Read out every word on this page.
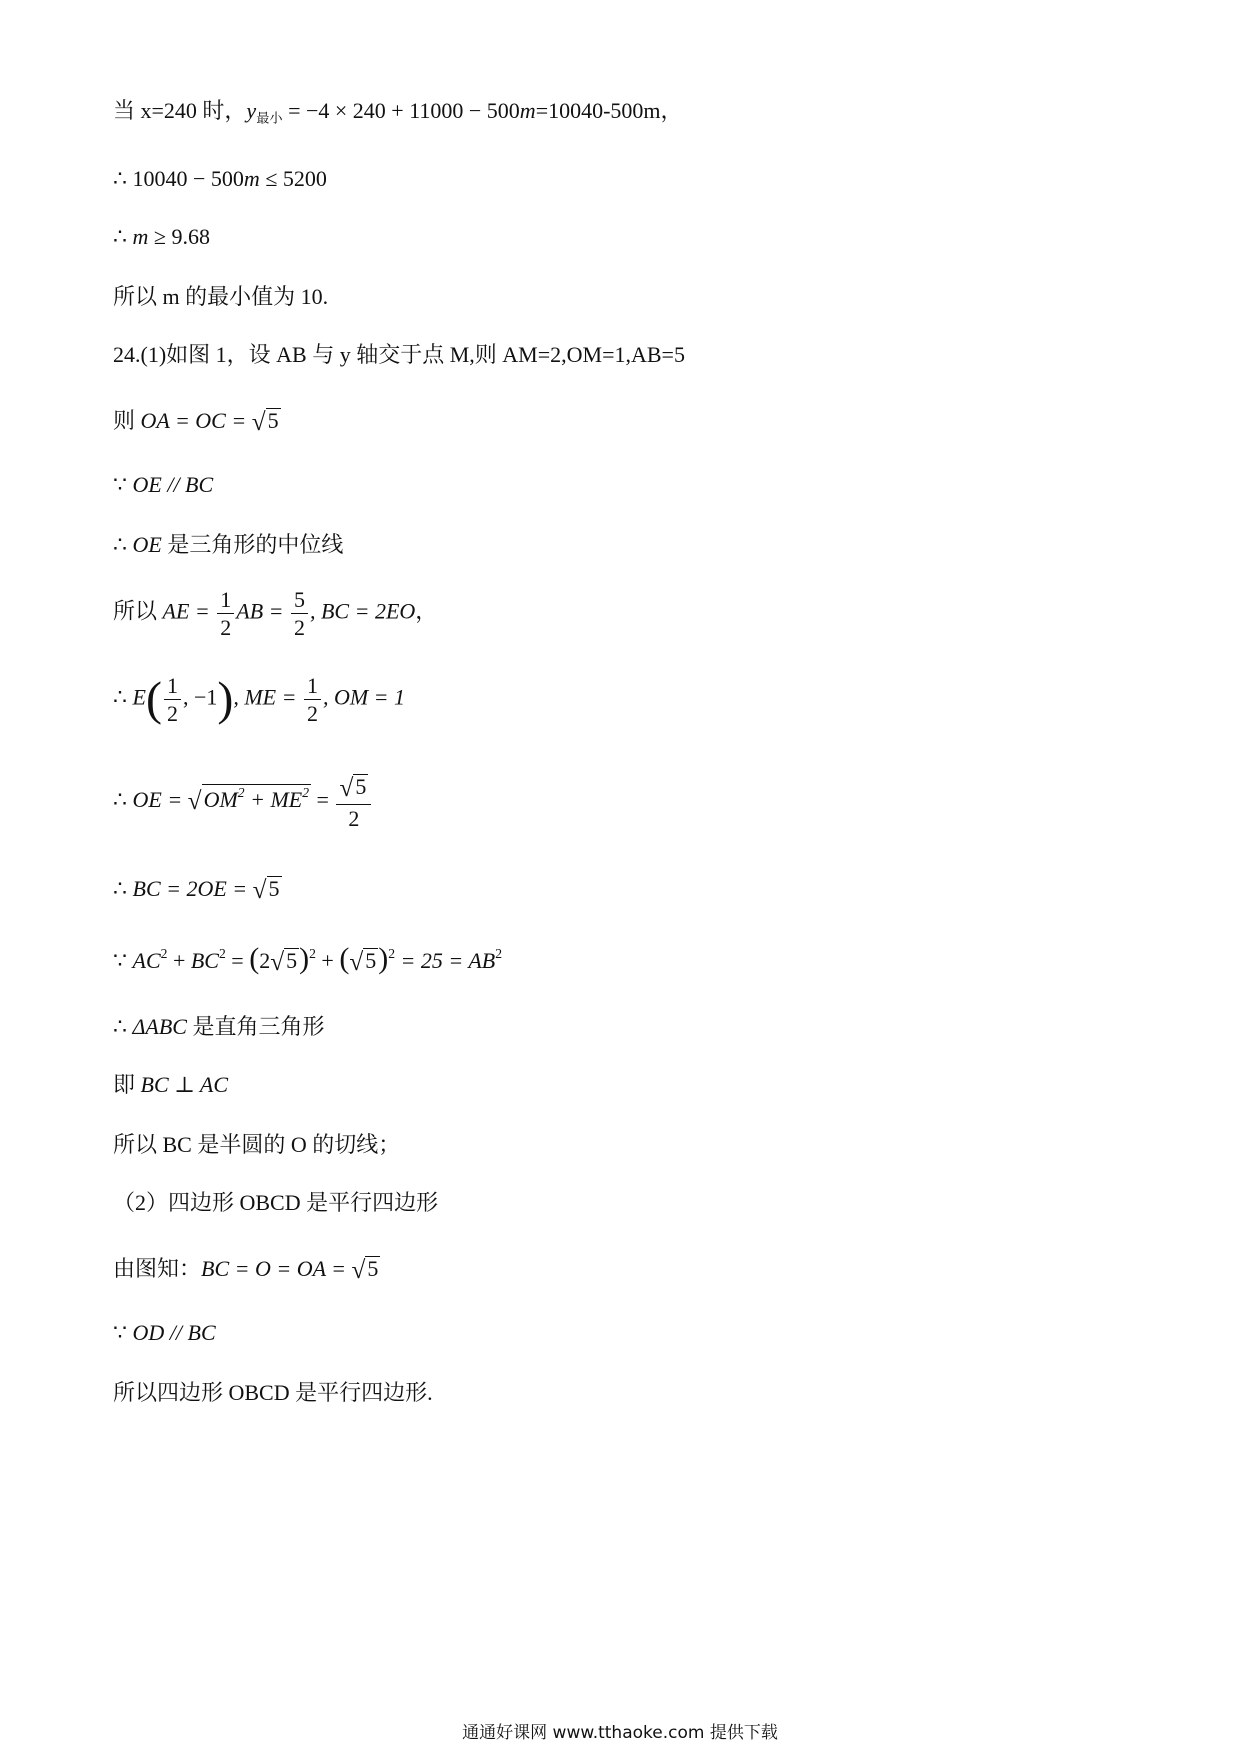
当 x=240 时，$y_{最小} = -4 \times 240 + 11000 - 500m=10040-500m$，
∴ 10040 − 500m ≤ 5200
∴ m ≥ 9.68
所以 m 的最小值为 10.
24.(1)如图 1，设 AB 与 y 轴交于点 M,则 AM=2,OM=1,AB=5
则 OA = OC = √5
∵ OE // BC
∴ OE 是三角形的中位线
所以 AE = $\frac{1}{2}$ AB = $\frac{5}{2}$ , BC = 2EO，
∴ $E( \frac{1}{2}$ , −1), ME = $\frac{1}{2}$ , OM = 1
∴ OE = $√OM^2 + ME^2 = \frac{√5}{2}$
∴ BC = 2OE = √5
∵ $AC^2 + BC^2 = (2√5)^2 + (√5)^2 = 25 = AB^2$
∴ ΔABC 是直角三角形
即 BC ⊥ AC
所以 BC 是半圆的 O 的切线；
（2）四边形 OBCD 是平行四边形
由图知：BC = O = OA = √5
∵ OD // BC
所以四边形 OBCD 是平行四边形.
通通好课网 www.tthaoke.com 提供下载
